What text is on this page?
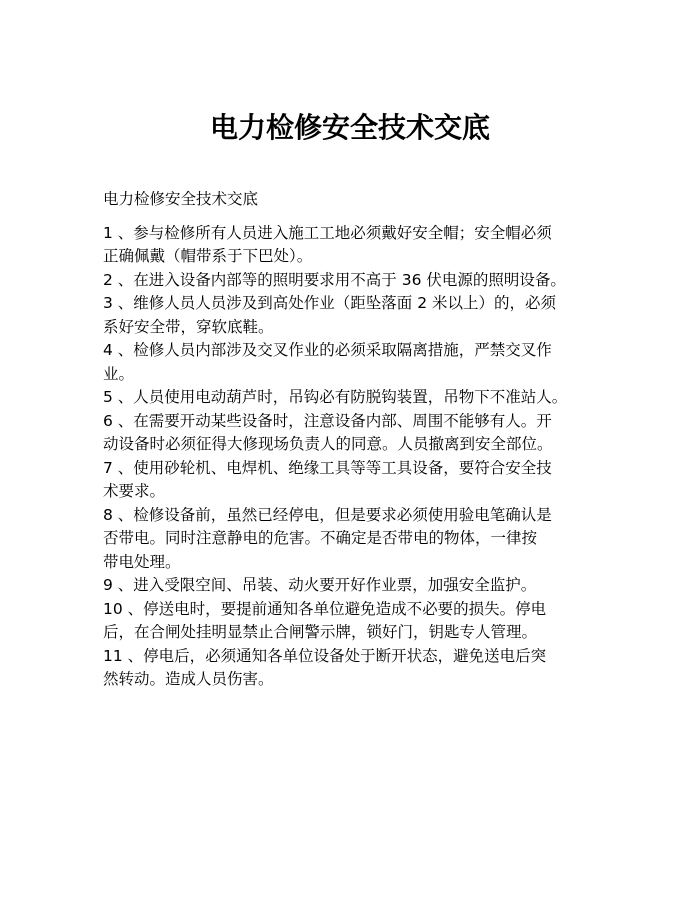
电力检修安全技术交底
电力检修安全技术交底
1 、参与检修所有人员进入施工工地必须戴好安全帽；安全帽必须
正确佩戴（帽带系于下巴处）。
2 、在进入设备内部等的照明要求用不高于 36 伏电源的照明设备。
3 、维修人员人员涉及到高处作业（距坠落面 2 米以上）的，必须
系好安全带，穿软底鞋。
4 、检修人员内部涉及交叉作业的必须采取隔离措施，严禁交叉作
业。
5 、人员使用电动葫芦时，吊钩必有防脱钩装置，吊物下不准站人。
6 、在需要开动某些设备时，注意设备内部、周围不能够有人。开
动设备时必须征得大修现场负责人的同意。人员撤离到安全部位。
7 、使用砂轮机、电焊机、绝缘工具等等工具设备，要符合安全技
术要求。
8 、检修设备前，虽然已经停电，但是要求必须使用验电笔确认是
否带电。同时注意静电的危害。不确定是否带电的物体，一律按
带电处理。
9 、进入受限空间、吊装、动火要开好作业票，加强安全监护。
10 、停送电时，要提前通知各单位避免造成不必要的损失。停电
后，在合闸处挂明显禁止合闸警示牌，锁好门，钥匙专人管理。
11 、停电后，必须通知各单位设备处于断开状态，避免送电后突
然转动。造成人员伤害。
